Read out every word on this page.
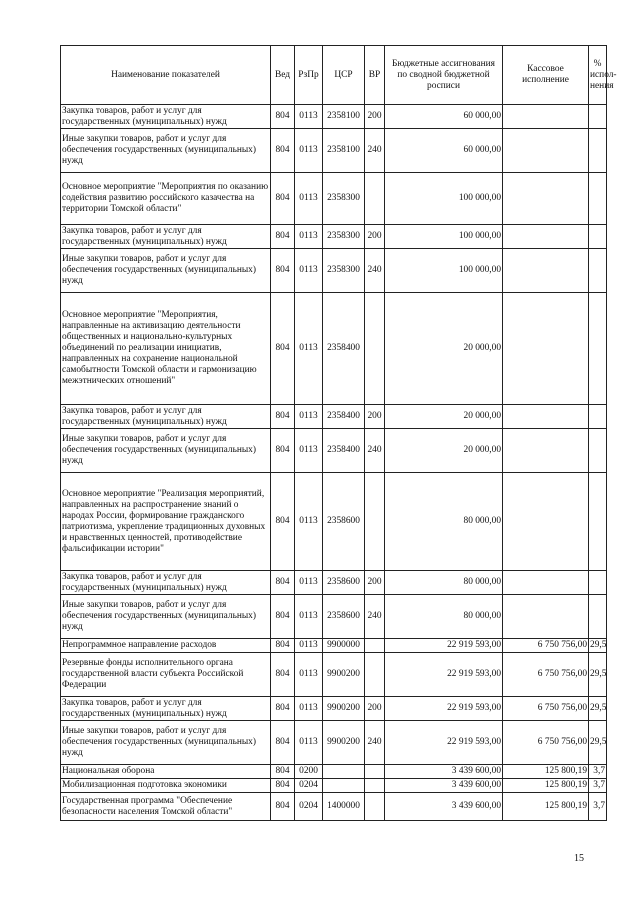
Наименование показателей	Вед	РзПр	ЦСР	ВР	Бюджетные ассигнования по сводной бюджетной росписи	Кассовое исполнение	% испол-нения
Закупка товаров, работ и услуг для государственных (муниципальных) нужд	804	0113	2358100	200	60 000,00		
Иные закупки товаров, работ и услуг для обеспечения государственных (муниципальных) нужд	804	0113	2358100	240	60 000,00		
Основное мероприятие "Мероприятия по оказанию содействия развитию российского казачества на территории Томской области"	804	0113	2358300		100 000,00		
Закупка товаров, работ и услуг для государственных (муниципальных) нужд	804	0113	2358300	200	100 000,00		
Иные закупки товаров, работ и услуг для обеспечения государственных (муниципальных) нужд	804	0113	2358300	240	100 000,00		
Основное мероприятие "Мероприятия, направленные на активизацию деятельности общественных и национально-культурных объединений по реализации инициатив, направленных на сохранение национальной самобытности Томской области и гармонизацию межэтнических отношений"	804	0113	2358400		20 000,00		
Закупка товаров, работ и услуг для государственных (муниципальных) нужд	804	0113	2358400	200	20 000,00		
Иные закупки товаров, работ и услуг для обеспечения государственных (муниципальных) нужд	804	0113	2358400	240	20 000,00		
Основное мероприятие "Реализация мероприятий, направленных на распространение знаний о народах России, формирование гражданского патриотизма, укрепление традиционных духовных и нравственных ценностей, противодействие фальсификации истории"	804	0113	2358600		80 000,00		
Закупка товаров, работ и услуг для государственных (муниципальных) нужд	804	0113	2358600	200	80 000,00		
Иные закупки товаров, работ и услуг для обеспечения государственных (муниципальных) нужд	804	0113	2358600	240	80 000,00		
Непрограммное направление расходов	804	0113	9900000		22 919 593,00	6 750 756,00	29,5
Резервные фонды исполнительного органа государственной власти субъекта Российской Федерации	804	0113	9900200		22 919 593,00	6 750 756,00	29,5
Закупка товаров, работ и услуг для государственных (муниципальных) нужд	804	0113	9900200	200	22 919 593,00	6 750 756,00	29,5
Иные закупки товаров, работ и услуг для обеспечения государственных (муниципальных) нужд	804	0113	9900200	240	22 919 593,00	6 750 756,00	29,5
Национальная оборона	804	0200			3 439 600,00	125 800,19	3,7
Мобилизационная подготовка экономики	804	0204			3 439 600,00	125 800,19	3,7
Государственная программа "Обеспечение безопасности населения Томской области"	804	0204	1400000		3 439 600,00	125 800,19	3,7
15
